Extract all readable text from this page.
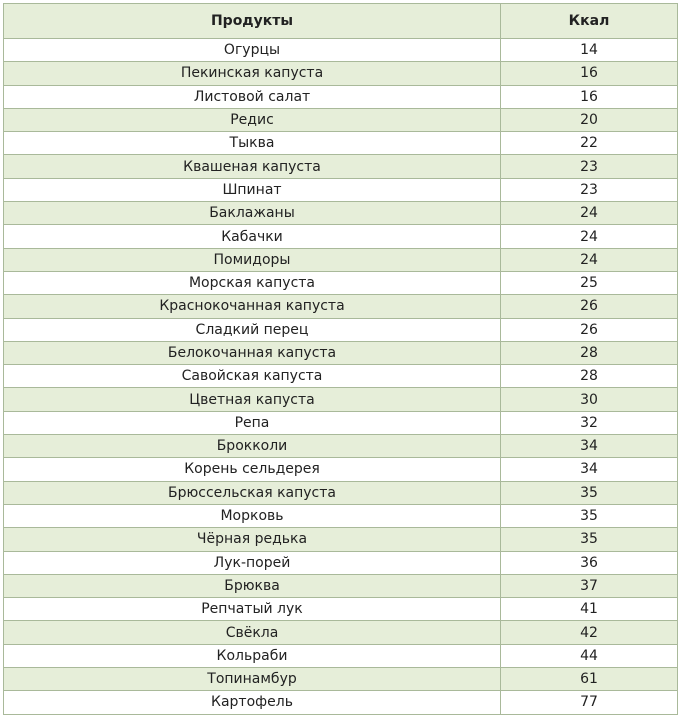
Продукты	Ккал
Огурцы	14
Пекинская капуста	16
Листовой салат	16
Редис	20
Тыква	22
Квашеная капуста	23
Шпинат	23
Баклажаны	24
Кабачки	24
Помидоры	24
Морская капуста	25
Краснокочанная капуста	26
Сладкий перец	26
Белокочанная капуста	28
Савойская капуста	28
Цветная капуста	30
Репа	32
Брокколи	34
Корень сельдерея	34
Брюссельская капуста	35
Морковь	35
Чёрная редька	35
Лук-порей	36
Брюква	37
Репчатый лук	41
Свёкла	42
Кольраби	44
Топинамбур	61
Картофель	77
